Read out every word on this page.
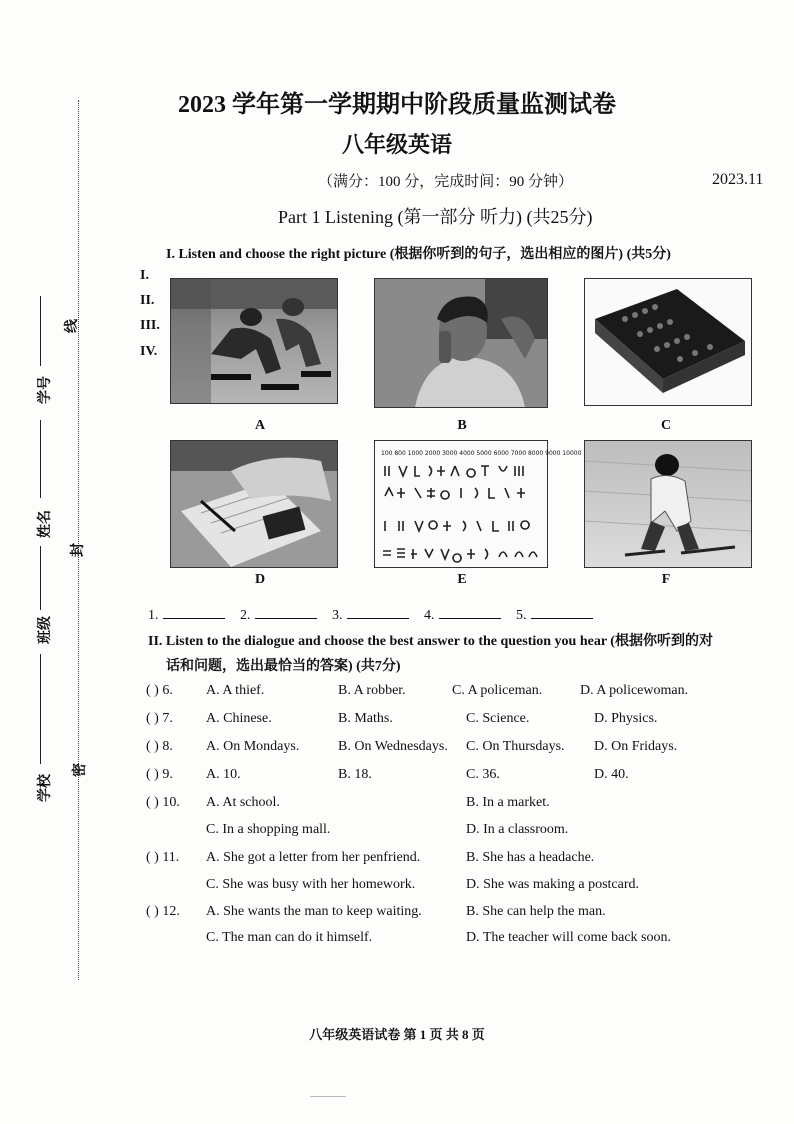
线
封
密
学号
姓名
班级
学校
2023 学年第一学期期中阶段质量监测试卷
八年级英语
（满分：100 分，完成时间：90 分钟）	2023.11
Part 1 Listening (第一部分 听力) (共25分)
I. Listen and choose the right picture (根据你听到的句子，选出相应的图片) (共5分)
I.
II.
III.
IV.
A	B	C
D
100 800 1000 2000 3000 4000 5000 6000 7000 8000 9000 10000
E	F
1.	2.	3.	4.	5.
II. Listen to the dialogue and choose the best answer to the question you hear (根据你听到的对
话和问题，选出最恰当的答案) (共7分)
( ) 6. A. A thief.	B. A robber.	C. A policeman.	D. A policewoman.
( ) 7. A. Chinese.	B. Maths.	C. Science.	D. Physics.
( ) 8. A. On Mondays.	B. On Wednesdays. C. On Thursdays. D. On Fridays.
( ) 9. A. 10.	B. 18.	C. 36.	D. 40.
( ) 10. A. At school.	B. In a market.
C. In a shopping mall.	D. In a classroom.
( ) 11. A. She got a letter from her penfriend.	B. She has a headache.
C. She was busy with her homework.	D. She was making a postcard.
( ) 12. A. She wants the man to keep waiting.	B. She can help the man.
C. The man can do it himself.	D. The teacher will come back soon.
八年级英语试卷 第 1 页 共 8 页
